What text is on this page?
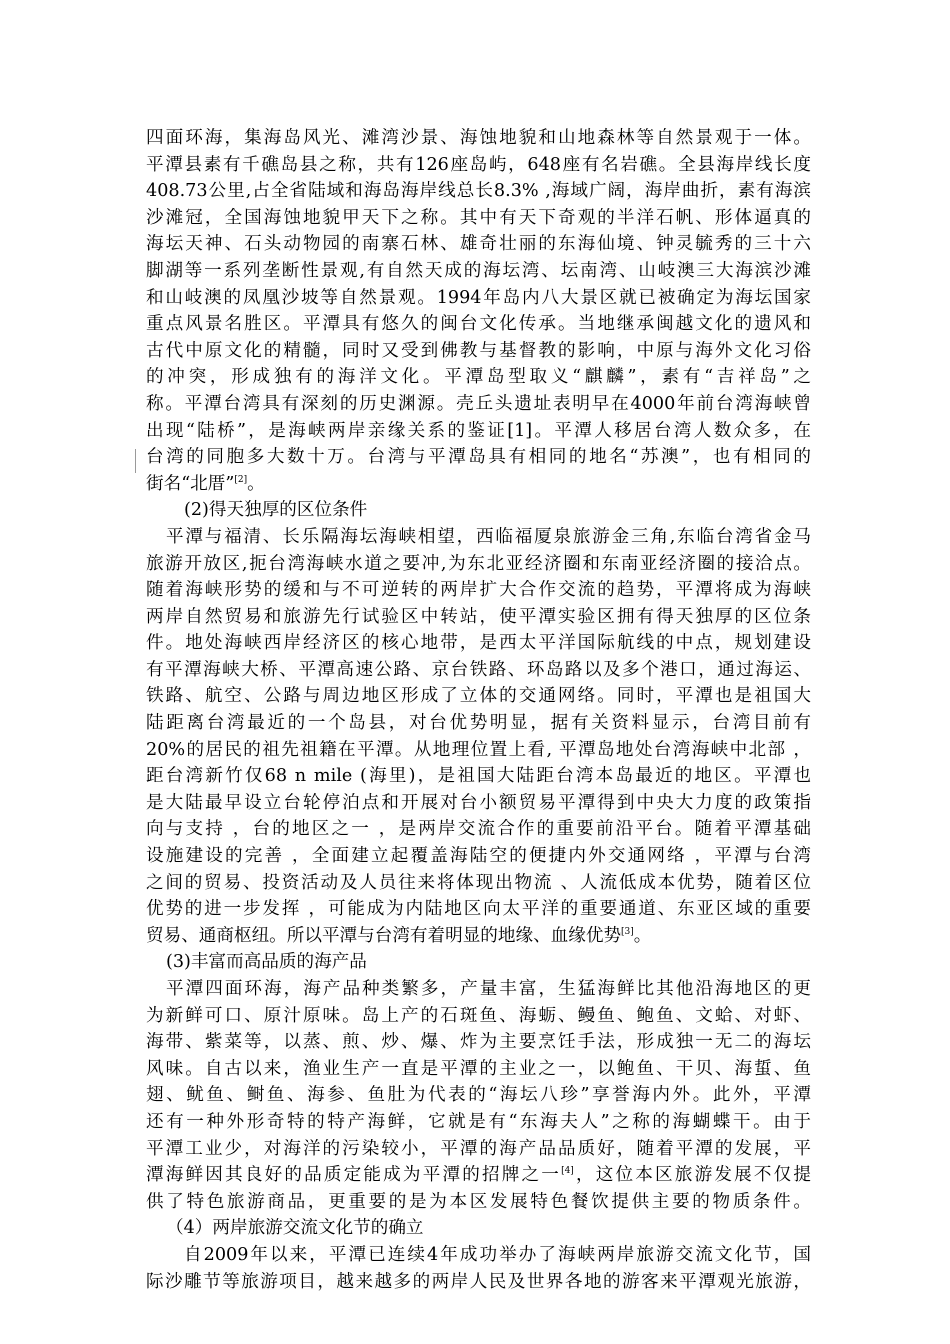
四面环海，集海岛风光、滩湾沙景、海蚀地貌和山地森林等自然景观于一体。
平潭县素有千礁岛县之称，共有126座岛屿，648座有名岩礁。全县海岸线长度
408.73公里,占全省陆域和海岛海岸线总长8.3% ,海域广阔，海岸曲折，素有海滨
沙滩冠，全国海蚀地貌甲天下之称。其中有天下奇观的半洋石帆、形体逼真的
海坛天神、石头动物园的南寨石林、雄奇壮丽的东海仙境、钟灵毓秀的三十六
脚湖等一系列垄断性景观,有自然天成的海坛湾、坛南湾、山岐澳三大海滨沙滩
和山岐澳的凤凰沙坡等自然景观。1994年岛内八大景区就已被确定为海坛国家
重点风景名胜区。平潭具有悠久的闽台文化传承。当地继承闽越文化的遗风和
古代中原文化的精髓，同时又受到佛教与基督教的影响，中原与海外文化习俗
的冲突，形成独有的海洋文化。平潭岛型取义“麒麟”，素有“吉祥岛”之
称。平潭台湾具有深刻的历史渊源。壳丘头遗址表明早在4000年前台湾海峡曾
出现“陆桥”，是海峡两岸亲缘关系的鉴证[1]。平潭人移居台湾人数众多，在
台湾的同胞多大数十万。台湾与平潭岛具有相同的地名“苏澳”，也有相同的
街名“北厝”[2]。
(2)得天独厚的区位条件
平潭与福清、长乐隔海坛海峡相望，西临福厦泉旅游金三角,东临台湾省金马
旅游开放区,扼台湾海峡水道之要冲,为东北亚经济圈和东南亚经济圈的接洽点。
随着海峡形势的缓和与不可逆转的两岸扩大合作交流的趋势，平潭将成为海峡
两岸自然贸易和旅游先行试验区中转站，使平潭实验区拥有得天独厚的区位条
件。地处海峡西岸经济区的核心地带，是西太平洋国际航线的中点，规划建设
有平潭海峡大桥、平潭高速公路、京台铁路、环岛路以及多个港口，通过海运、
铁路、航空、公路与周边地区形成了立体的交通网络。同时，平潭也是祖国大
陆距离台湾最近的一个岛县，对台优势明显，据有关资料显示，台湾目前有
20%的居民的祖先祖籍在平潭。从地理位置上看, 平潭岛地处台湾海峡中北部 ，
距台湾新竹仅68 n mile (海里)，是祖国大陆距台湾本岛最近的地区。平潭也
是大陆最早设立台轮停泊点和开展对台小额贸易平潭得到中央大力度的政策指
向与支持 ，台的地区之一 ，是两岸交流合作的重要前沿平台。随着平潭基础
设施建设的完善 ，全面建立起覆盖海陆空的便捷内外交通网络 ，平潭与台湾
之间的贸易、投资活动及人员往来将体现出物流 、人流低成本优势，随着区位
优势的进一步发挥 ，可能成为内陆地区向太平洋的重要通道、东亚区域的重要
贸易、通商枢纽。所以平潭与台湾有着明显的地缘、血缘优势[3]。
(3)丰富而高品质的海产品
平潭四面环海，海产品种类繁多，产量丰富，生猛海鲜比其他沿海地区的更
为新鲜可口、原汁原味。岛上产的石斑鱼、海蛎、鳗鱼、鲍鱼、文蛤、对虾、
海带、紫菜等，以蒸、煎、炒、爆、炸为主要烹饪手法，形成独一无二的海坛
风味。自古以来，渔业生产一直是平潭的主业之一，以鲍鱼、干贝、海蜇、鱼
翅、鱿鱼、鲥鱼、海参、鱼肚为代表的“海坛八珍”享誉海内外。此外，平潭
还有一种外形奇特的特产海鲜，它就是有“东海夫人”之称的海蝴蝶干。由于
平潭工业少，对海洋的污染较小，平潭的海产品品质好，随着平潭的发展，平
潭海鲜因其良好的品质定能成为平潭的招牌之一[4]，这位本区旅游发展不仅提
供了特色旅游商品，更重要的是为本区发展特色餐饮提供主要的物质条件。
（4）两岸旅游交流文化节的确立
自2009年以来，平潭已连续4年成功举办了海峡两岸旅游交流文化节，国
际沙雕节等旅游项目，越来越多的两岸人民及世界各地的游客来平潭观光旅游，
